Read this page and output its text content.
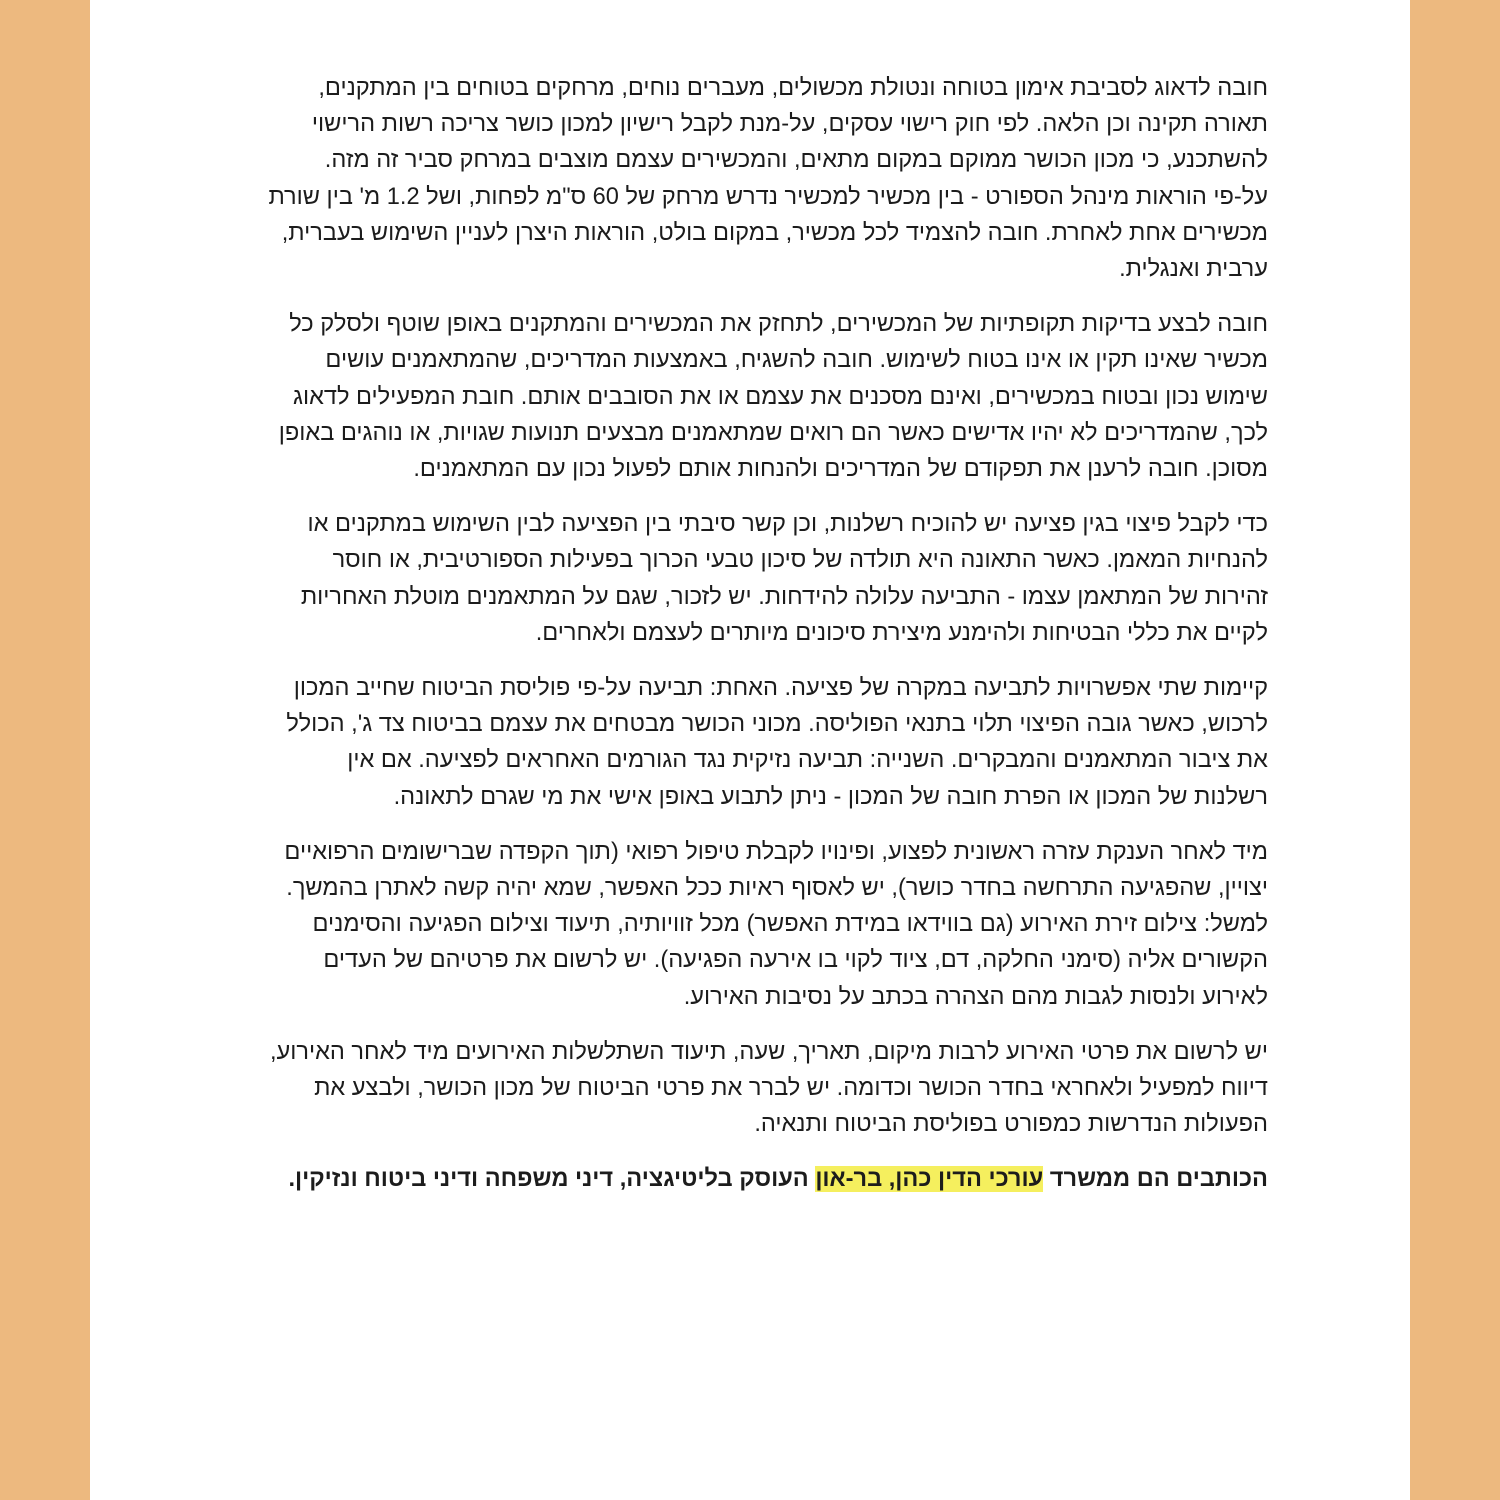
חובה לדאוג לסביבת אימון בטוחה ונטולת מכשולים, מעברים נוחים, מרחקים בטוחים בין המתקנים, תאורה תקינה וכן הלאה. לפי חוק רישוי עסקים, על-מנת לקבל רישיון למכון כושר צריכה רשות הרישוי להשתכנע, כי מכון הכושר ממוקם במקום מתאים, והמכשירים עצמם מוצבים במרחק סביר זה מזה. על-פי הוראות מינהל הספורט - בין מכשיר למכשיר נדרש מרחק של 60 ס"מ לפחות, ושל 1.2 מ' בין שורת מכשירים אחת לאחרת. חובה להצמיד לכל מכשיר, במקום בולט, הוראות היצרן לעניין השימוש בעברית, ערבית ואנגלית.

חובה לבצע בדיקות תקופתיות של המכשירים, לתחזק את המכשירים והמתקנים באופן שוטף ולסלק כל מכשיר שאינו תקין או אינו בטוח לשימוש. חובה להשגיח, באמצעות המדריכים, שהמתאמנים עושים שימוש נכון ובטוח במכשירים, ואינם מסכנים את עצמם או את הסובבים אותם. חובת המפעילים לדאוג לכך, שהמדריכים לא יהיו אדישים כאשר הם רואים שמתאמנים מבצעים תנועות שגויות, או נוהגים באופן מסוכן. חובה לרענן את תפקודם של המדריכים ולהנחות אותם לפעול נכון עם המתאמנים.

כדי לקבל פיצוי בגין פציעה יש להוכיח רשלנות, וכן קשר סיבתי בין הפציעה לבין השימוש במתקנים או להנחיות המאמן. כאשר התאונה היא תולדה של סיכון טבעי הכרוך בפעילות הספורטיבית, או חוסר זהירות של המתאמן עצמו - התביעה עלולה להידחות. יש לזכור, שגם על המתאמנים מוטלת האחריות לקיים את כללי הבטיחות ולהימנע מיצירת סיכונים מיותרים לעצמם ולאחרים.

קיימות שתי אפשרויות לתביעה במקרה של פציעה. האחת: תביעה על-פי פוליסת הביטוח שחייב המכון לרכוש, כאשר גובה הפיצוי תלוי בתנאי הפוליסה. מכוני הכושר מבטחים את עצמם בביטוח צד ג', הכולל את ציבור המתאמנים והמבקרים. השנייה: תביעה נזיקית נגד הגורמים האחראים לפציעה. אם אין רשלנות של המכון או הפרת חובה של המכון - ניתן לתבוע באופן אישי את מי שגרם לתאונה.

מיד לאחר הענקת עזרה ראשונית לפצוע, ופינויו לקבלת טיפול רפואי (תוך הקפדה שברישומים הרפואיים יצויין, שהפגיעה התרחשה בחדר כושר), יש לאסוף ראיות ככל האפשר, שמא יהיה קשה לאתרן בהמשך. למשל: צילום זירת האירוע (גם בווידאו במידת האפשר) מכל זוויותיה, תיעוד וצילום הפגיעה והסימנים הקשורים אליה (סימני החלקה, דם, ציוד לקוי בו אירעה הפגיעה). יש לרשום את פרטיהם של העדים לאירוע ולנסות לגבות מהם הצהרה בכתב על נסיבות האירוע.

יש לרשום את פרטי האירוע לרבות מיקום, תאריך, שעה, תיעוד השתלשלות האירועים מיד לאחר האירוע, דיווח למפעיל ולאחראי בחדר הכושר וכדומה. יש לברר את פרטי הביטוח של מכון הכושר, ולבצע את הפעולות הנדרשות כמפורט בפוליסת הביטוח ותנאיה.

הכותבים הם ממשרד עורכי הדין כהן, בר-און העוסק בליטיגציה, דיני משפחה ודיני ביטוח ונזיקין.
